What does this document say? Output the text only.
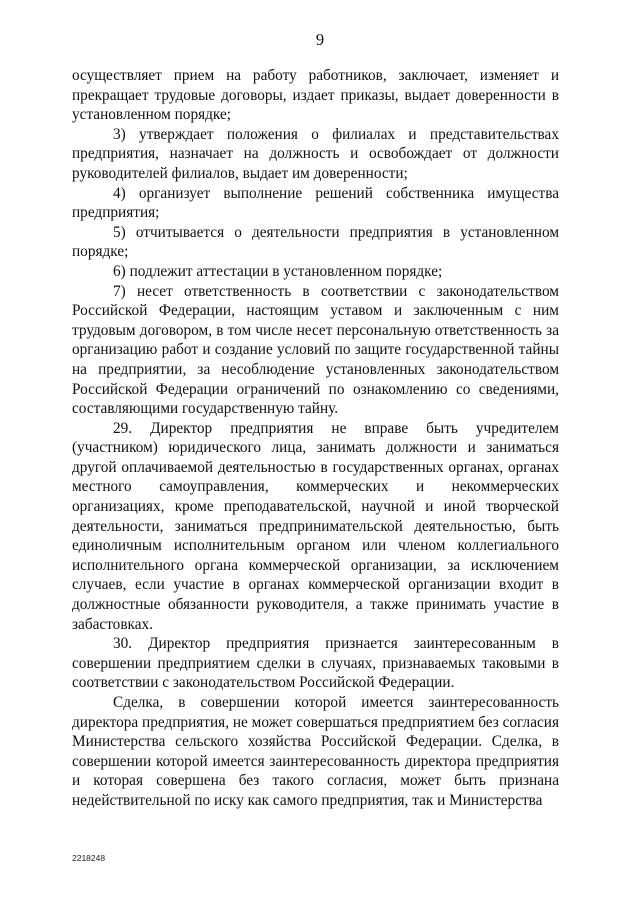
9

осуществляет прием на работу работников, заключает, изменяет и прекращает трудовые договоры, издает приказы, выдает доверенности в установленном порядке;

3) утверждает положения о филиалах и представительствах предприятия, назначает на должность и освобождает от должности руководителей филиалов, выдает им доверенности;

4) организует выполнение решений собственника имущества предприятия;

5) отчитывается о деятельности предприятия в установленном порядке;

6) подлежит аттестации в установленном порядке;

7) несет ответственность в соответствии с законодательством Российской Федерации, настоящим уставом и заключенным с ним трудовым договором, в том числе несет персональную ответственность за организацию работ и создание условий по защите государственной тайны на предприятии, за несоблюдение установленных законодательством Российской Федерации ограничений по ознакомлению со сведениями, составляющими государственную тайну.

29. Директор предприятия не вправе быть учредителем (участником) юридического лица, занимать должности и заниматься другой оплачиваемой деятельностью в государственных органах, органах местного самоуправления, коммерческих и некоммерческих организациях, кроме преподавательской, научной и иной творческой деятельности, заниматься предпринимательской деятельностью, быть единоличным исполнительным органом или членом коллегиального исполнительного органа коммерческой организации, за исключением случаев, если участие в органах коммерческой организации входит в должностные обязанности руководителя, а также принимать участие в забастовках.

30. Директор предприятия признается заинтересованным в совершении предприятием сделки в случаях, признаваемых таковыми в соответствии с законодательством Российской Федерации.

Сделка, в совершении которой имеется заинтересованность директора предприятия, не может совершаться предприятием без согласия Министерства сельского хозяйства Российской Федерации. Сделка, в совершении которой имеется заинтересованность директора предприятия и которая совершена без такого согласия, может быть признана недействительной по иску как самого предприятия, так и Министерства

2218248
